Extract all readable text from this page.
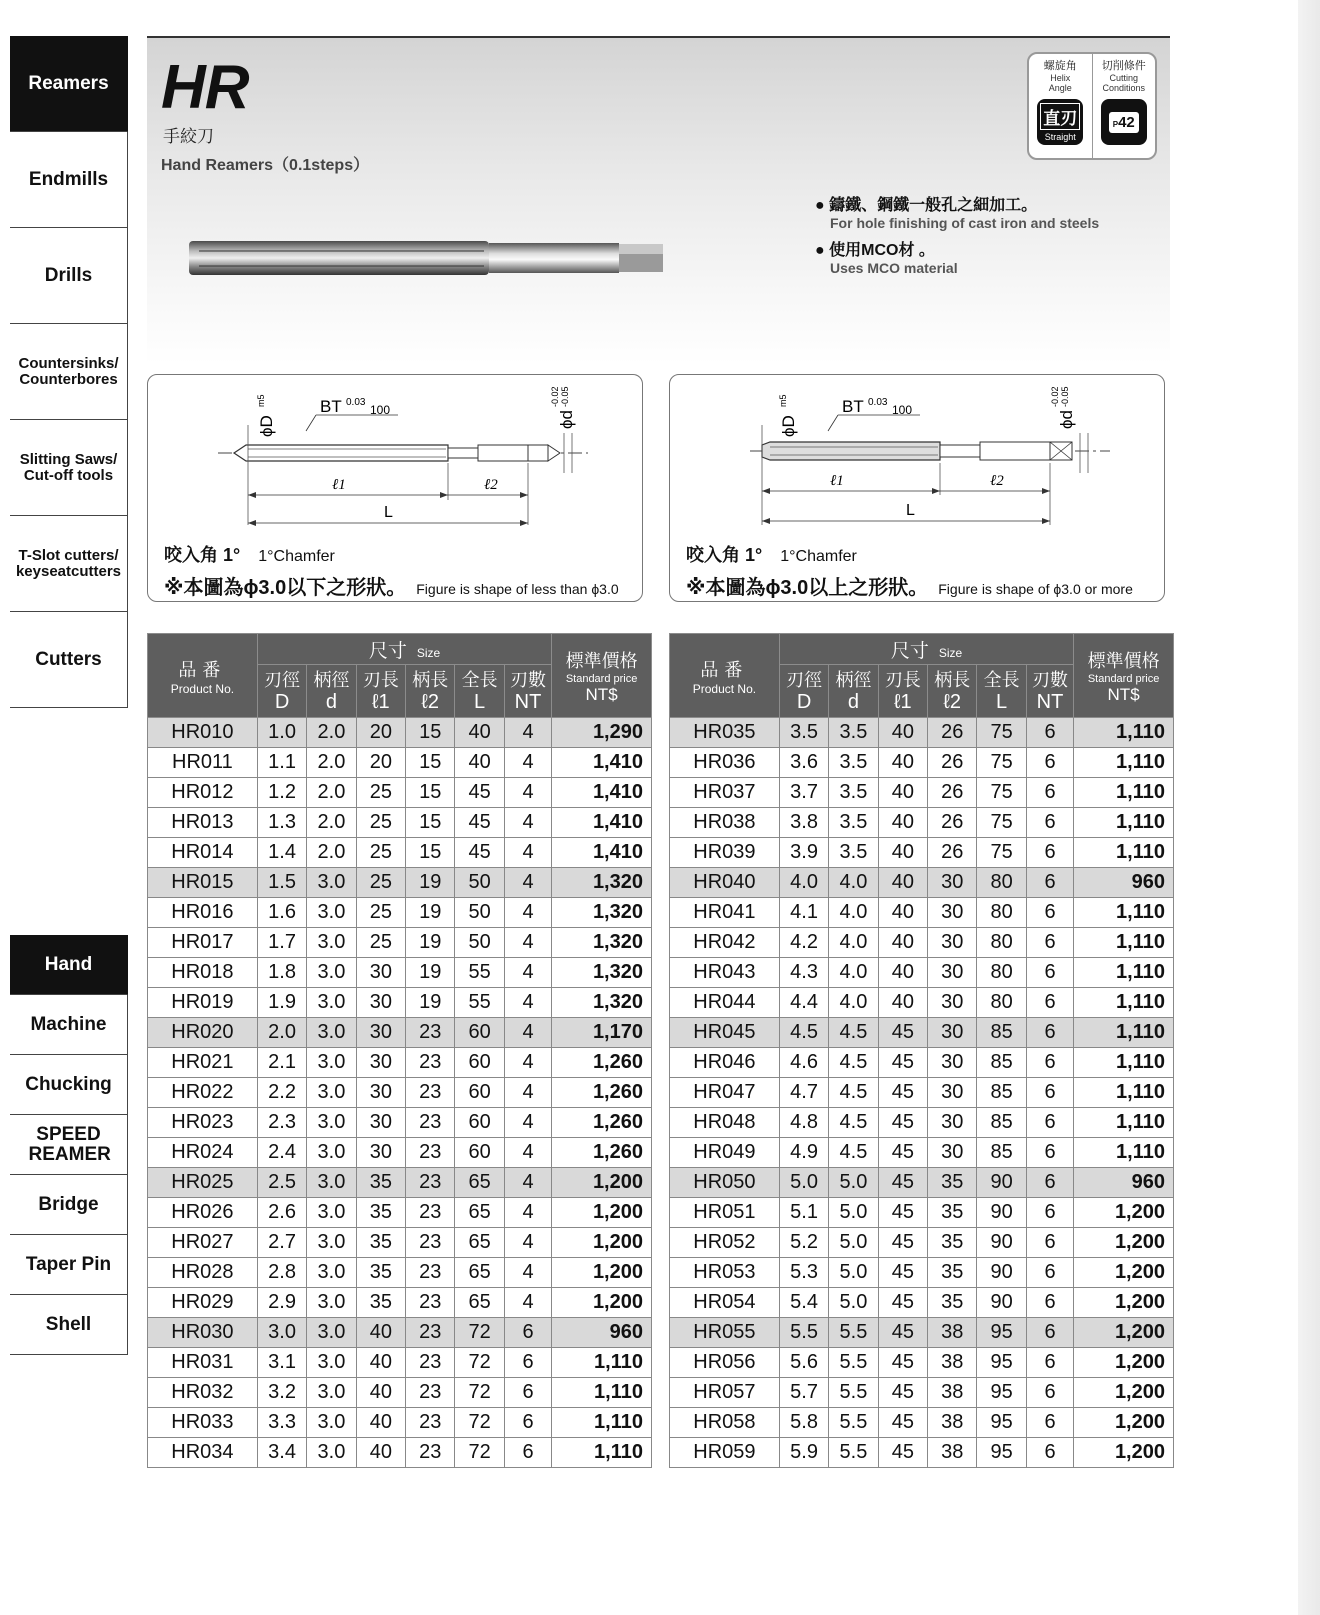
Reamers
Endmills
Drills
Countersinks/ Counterbores
Slitting Saws/ Cut-off tools
T-Slot cutters/ keyseatcutters
Cutters
Hand
Machine
Chucking
SPEED REAMER
Bridge
Taper Pin
Shell
HR
手絞刀
Hand Reamers（0.1steps）
● 鑄鐵、鋼鐵一般孔之細加工。
For hole finishing of cast iron and steels
● 使用MCO材 。
Uses MCO material
螺旋角
Helix
Angle
直刃
Straight
切削條件
Cutting
Conditions
P42
BT 0.03
100
ϕD
m5
ϕd
-0.02 -0.05
ℓ1	ℓ2
L
咬入角 1° 1°Chamfer
※本圖為ϕ3.0以下之形狀。 Figure is shape of less than ϕ3.0
BT 0.03
100
ϕD
m5
ϕd
-0.02 -0.05
ℓ1	ℓ2
L
咬入角 1° 1°Chamfer
※本圖為ϕ3.0以上之形狀。 Figure is shape of ϕ3.0 or more
品番
Product No.	尺寸 Size						標準價格
Standard price
NT$

	刃徑
D	柄徑
d	刃長
ℓ1	柄長
ℓ2	全長
L	刃數
NT	
HR010	1.0	2.0	20	15	40	4	1,290
HR011	1.1	2.0	20	15	40	4	1,410
HR012	1.2	2.0	25	15	45	4	1,410
HR013	1.3	2.0	25	15	45	4	1,410
HR014	1.4	2.0	25	15	45	4	1,410
HR015	1.5	3.0	25	19	50	4	1,320
HR016	1.6	3.0	25	19	50	4	1,320
HR017	1.7	3.0	25	19	50	4	1,320
HR018	1.8	3.0	30	19	55	4	1,320
HR019	1.9	3.0	30	19	55	4	1,320
HR020	2.0	3.0	30	23	60	4	1,170
HR021	2.1	3.0	30	23	60	4	1,260
HR022	2.2	3.0	30	23	60	4	1,260
HR023	2.3	3.0	30	23	60	4	1,260
HR024	2.4	3.0	30	23	60	4	1,260
HR025	2.5	3.0	35	23	65	4	1,200
HR026	2.6	3.0	35	23	65	4	1,200
HR027	2.7	3.0	35	23	65	4	1,200
HR028	2.8	3.0	35	23	65	4	1,200
HR029	2.9	3.0	35	23	65	4	1,200
HR030	3.0	3.0	40	23	72	6	960
HR031	3.1	3.0	40	23	72	6	1,110
HR032	3.2	3.0	40	23	72	6	1,110
HR033	3.3	3.0	40	23	72	6	1,110
HR034	3.4	3.0	40	23	72	6	1,110
品番
Product No.	尺寸 Size						標準價格
Standard price
NT$

	刃徑
D	柄徑
d	刃長
ℓ1	柄長
ℓ2	全長
L	刃數
NT	
HR035	3.5	3.5	40	26	75	6	1,110
HR036	3.6	3.5	40	26	75	6	1,110
HR037	3.7	3.5	40	26	75	6	1,110
HR038	3.8	3.5	40	26	75	6	1,110
HR039	3.9	3.5	40	26	75	6	1,110
HR040	4.0	4.0	40	30	80	6	960
HR041	4.1	4.0	40	30	80	6	1,110
HR042	4.2	4.0	40	30	80	6	1,110
HR043	4.3	4.0	40	30	80	6	1,110
HR044	4.4	4.0	40	30	80	6	1,110
HR045	4.5	4.5	45	30	85	6	1,110
HR046	4.6	4.5	45	30	85	6	1,110
HR047	4.7	4.5	45	30	85	6	1,110
HR048	4.8	4.5	45	30	85	6	1,110
HR049	4.9	4.5	45	30	85	6	1,110
HR050	5.0	5.0	45	35	90	6	960
HR051	5.1	5.0	45	35	90	6	1,200
HR052	5.2	5.0	45	35	90	6	1,200
HR053	5.3	5.0	45	35	90	6	1,200
HR054	5.4	5.0	45	35	90	6	1,200
HR055	5.5	5.5	45	38	95	6	1,200
HR056	5.6	5.5	45	38	95	6	1,200
HR057	5.7	5.5	45	38	95	6	1,200
HR058	5.8	5.5	45	38	95	6	1,200
HR059	5.9	5.5	45	38	95	6	1,200
